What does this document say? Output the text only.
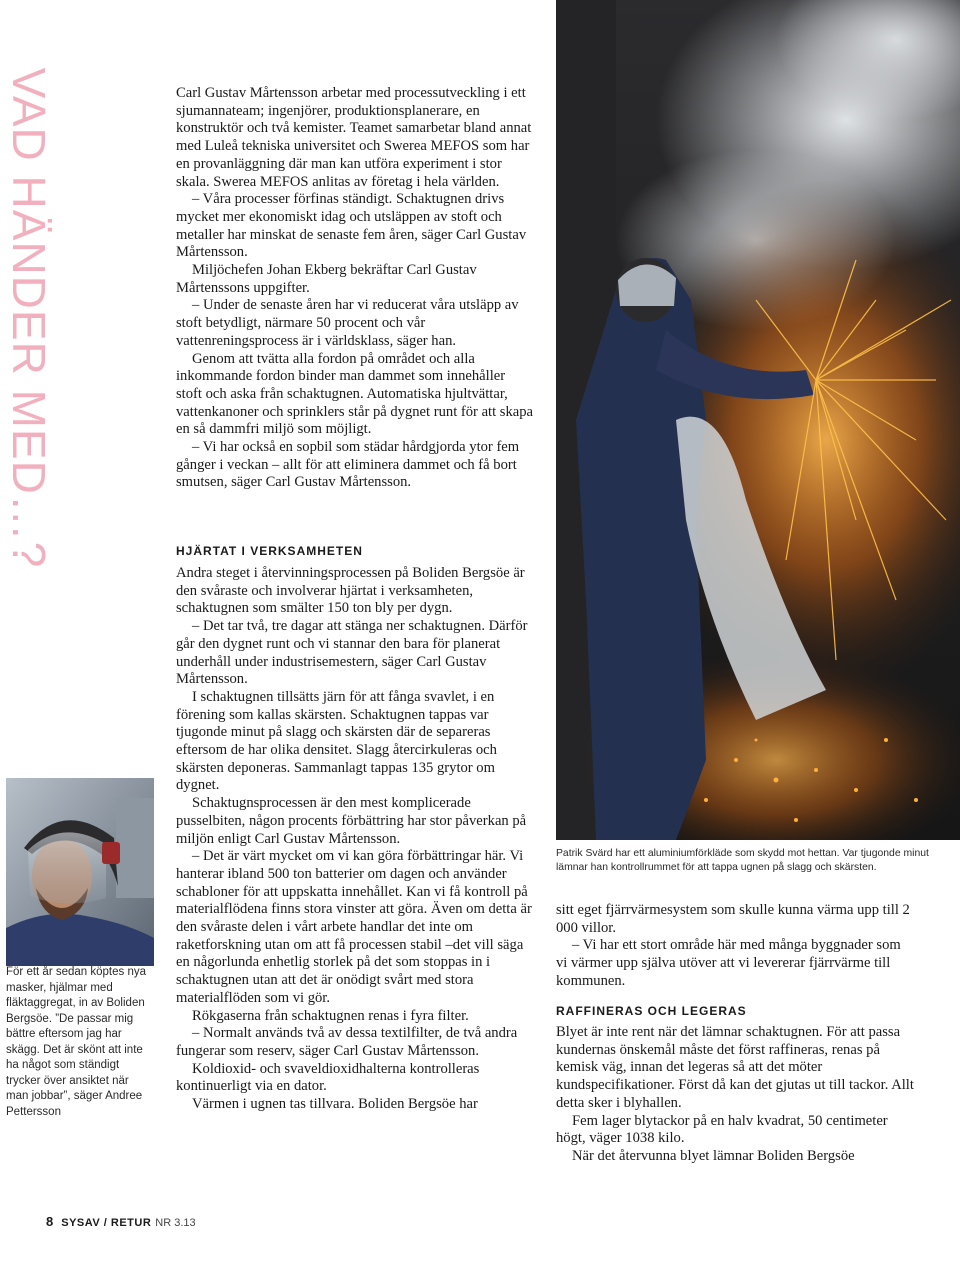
VAD HÄNDER MED…?
För ett år sedan köptes nya masker, hjälmar med fläktaggregat, in av Boliden Bergsöe. ”De passar mig bättre eftersom jag har skägg. Det är skönt att inte ha något som ständigt trycker över ansiktet när man jobbar”, säger Andree Pettersson

Carl Gustav Mårtensson arbetar med processutveckling i ett sjumannateam; ingenjörer, produktionsplanerare, en konstruktör och två kemister. Teamet samarbetar bland annat med Luleå tekniska universitet och Swerea MEFOS som har en provanläggning där man kan utföra experiment i stor skala. Swerea MEFOS anlitas av företag i hela världen.

– Våra processer förfinas ständigt. Schaktugnen drivs mycket mer ekonomiskt idag och utsläppen av stoft och metaller har minskat de senaste fem åren, säger Carl Gustav Mårtensson.

Miljöchefen Johan Ekberg bekräftar Carl Gustav Mårtenssons uppgifter.

– Under de senaste åren har vi reducerat våra utsläpp av stoft betydligt, närmare 50 procent och vår vattenreningsprocess är i världsklass, säger han.

Genom att tvätta alla fordon på området och alla inkommande fordon binder man dammet som innehåller stoft och aska från schaktugnen. Automatiska hjultvättar, vattenkanoner och sprinklers står på dygnet runt för att skapa en så dammfri miljö som möjligt.

– Vi har också en sopbil som städar hårdgjorda ytor fem gånger i veckan – allt för att eliminera dammet och få bort smutsen, säger Carl Gustav Mårtensson.

HJÄRTAT I VERKSAMHETEN

Andra steget i återvinningsprocessen på Boliden Bergsöe är den svåraste och involverar hjärtat i verksamheten, schaktugnen som smälter 150 ton bly per dygn.

– Det tar två, tre dagar att stänga ner schaktugnen. Därför går den dygnet runt och vi stannar den bara för planerat underhåll under industrisemestern, säger Carl Gustav Mårtensson.

I schaktugnen tillsätts järn för att fånga svavlet, i en förening som kallas skärsten. Schaktugnen tappas var tjugonde minut på slagg och skärsten där de separeras eftersom de har olika densitet. Slagg återcirkuleras och skärsten deponeras. Sammanlagt tappas 135 grytor om dygnet.

Schaktugnsprocessen är den mest komplicerade pusselbiten, någon procents förbättring har stor påverkan på miljön enligt Carl Gustav Mårtensson.

– Det är värt mycket om vi kan göra förbättringar här. Vi hanterar ibland 500 ton batterier om dagen och använder schabloner för att uppskatta innehållet. Kan vi få kontroll på materialflödena finns stora vinster att göra. Även om detta är den svåraste delen i vårt arbete handlar det inte om raketforskning utan om att få processen stabil –det vill säga en någorlunda enhetlig storlek på det som stoppas in i schaktugnen utan att det är onödigt svårt med stora materialflöden som vi gör.

Rökgaserna från schaktugnen renas i fyra filter.

– Normalt används två av dessa textilfilter, de två andra fungerar som reserv, säger Carl Gustav Mårtensson.

Koldioxid- och svaveldioxidhalterna kontrolleras kontinuerligt via en dator.

Värmen i ugnen tas tillvara. Boliden Bergsöe har

Patrik Svärd har ett aluminiumförkläde som skydd mot hettan. Var tjugonde minut lämnar han kontrollrummet för att tappa ugnen på slagg och skärsten.

sitt eget fjärrvärmesystem som skulle kunna värma upp till 2 000 villor.

– Vi har ett stort område här med många byggnader som vi värmer upp själva utöver att vi levererar fjärrvärme till kommunen.

RAFFINERAS OCH LEGERAS

Blyet är inte rent när det lämnar schaktugnen. För att passa kundernas önskemål måste det först raffineras, renas på kemisk väg, innan det legeras så att det möter kundspecifikationer. Först då kan det gjutas ut till tackor. Allt detta sker i blyhallen.

Fem lager blytackor på en halv kvadrat, 50 centimeter högt, väger 1038 kilo.

När det återvunna blyet lämnar Boliden Bergsöe

8 SYSAV / RETUR NR 3.13
